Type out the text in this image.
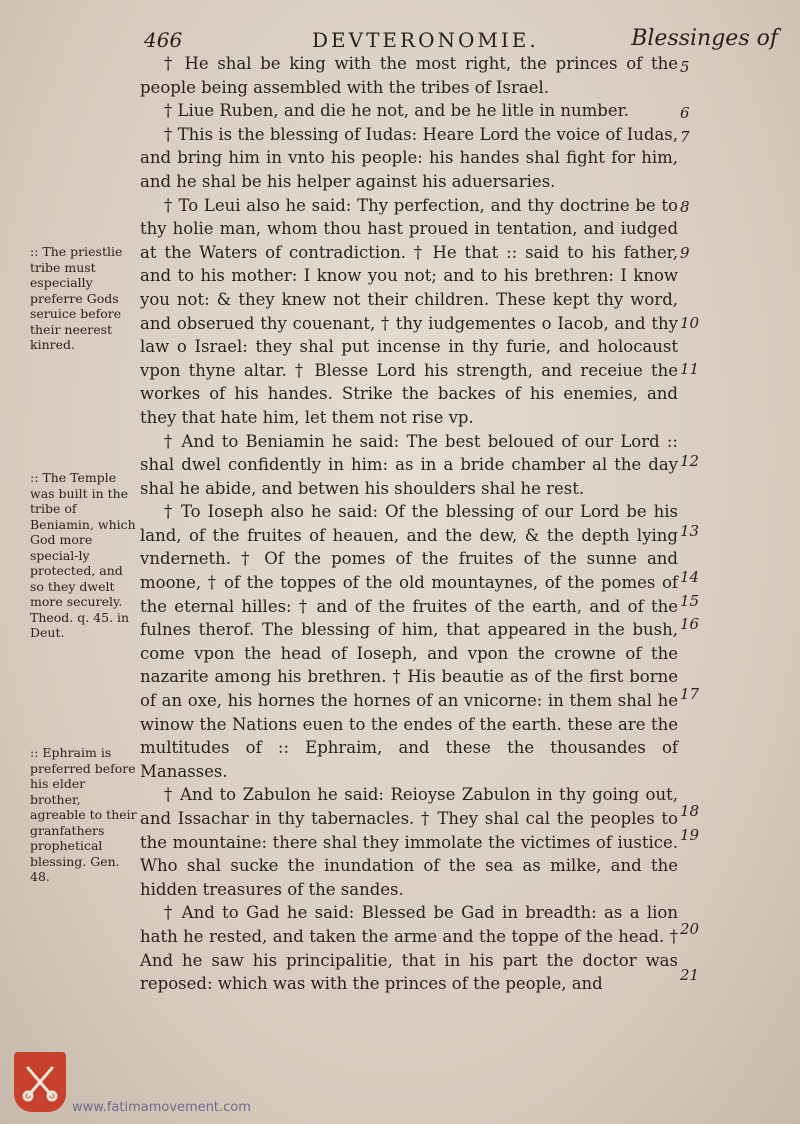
466	DEVTERONOMIE.	Blessinges of

† He shal be king with the most right, the princes of the people being assembled with the tribes of Israel.

† Liue Ruben, and die he not, and be he litle in number.

† This is the blessing of Iudas: Heare Lord the voice of Iudas, and bring him in vnto his people: his handes shal fight for him, and he shal be his helper against his aduersaries.

† To Leui also he said: Thy perfection, and thy doctrine be to thy holie man, whom thou hast proued in tentation, and iudged at the Waters of contradiction. † He that :: said to his father, and to his mother: I know you not; and to his brethren: I know you not: & they knew not their children. These kept thy word, and obserued thy couenant, † thy iudgementes o Iacob, and thy law o Israel: they shal put incense in thy furie, and holocaust vpon thyne altar. † Blesse Lord his strength, and receiue the workes of his handes. Strike the backes of his enemies, and they that hate him, let them not rise vp.

† And to Beniamin he said: The best beloued of our Lord :: shal dwel confidently in him: as in a bride chamber al the day shal he abide, and betwen his shoulders shal he rest.

† To Ioseph also he said: Of the blessing of our Lord be his land, of the fruites of heauen, and the dew, & the depth lying vnderneth. † Of the pomes of the fruites of the sunne and moone, † of the toppes of the old mountaynes, of the pomes of the eternal hilles: † and of the fruites of the earth, and of the fulnes therof. The blessing of him, that appeared in the bush, come vpon the head of Ioseph, and vpon the crowne of the nazarite among his brethren. † His beautie as of the first borne of an oxe, his hornes the hornes of an vnicorne: in them shal he winow the Nations euen to the endes of the earth. these are the multitudes of :: Ephraim, and these the thousandes of Manasses.

† And to Zabulon he said: Reioyse Zabulon in thy going out, and Issachar in thy tabernacles. † They shal cal the peoples to the mountaine: there shal they immolate the victimes of iustice. Who shal sucke the inundation of the sea as milke, and the hidden treasures of the sandes.

† And to Gad he said: Blessed be Gad in breadth: as a lion hath he rested, and taken the arme and the toppe of the head. † And he saw his principalitie, that in his part the doctor was reposed: which was with the princes of the people, and

5
6
7
8
9
10
11
12
13
14
15
16
17
18
19
20
21
:: The priestlie tribe must especially preferre Gods seruice before their neerest kinred.
:: The Temple was built in the tribe of Beniamin, which God more special-ly protected, and so they dwelt more securely. Theod. q. 45. in Deut.
:: Ephraim is preferred before his elder brother, agreable to their granfathers prophetical blessing. Gen. 48.
www.fatimamovement.com
